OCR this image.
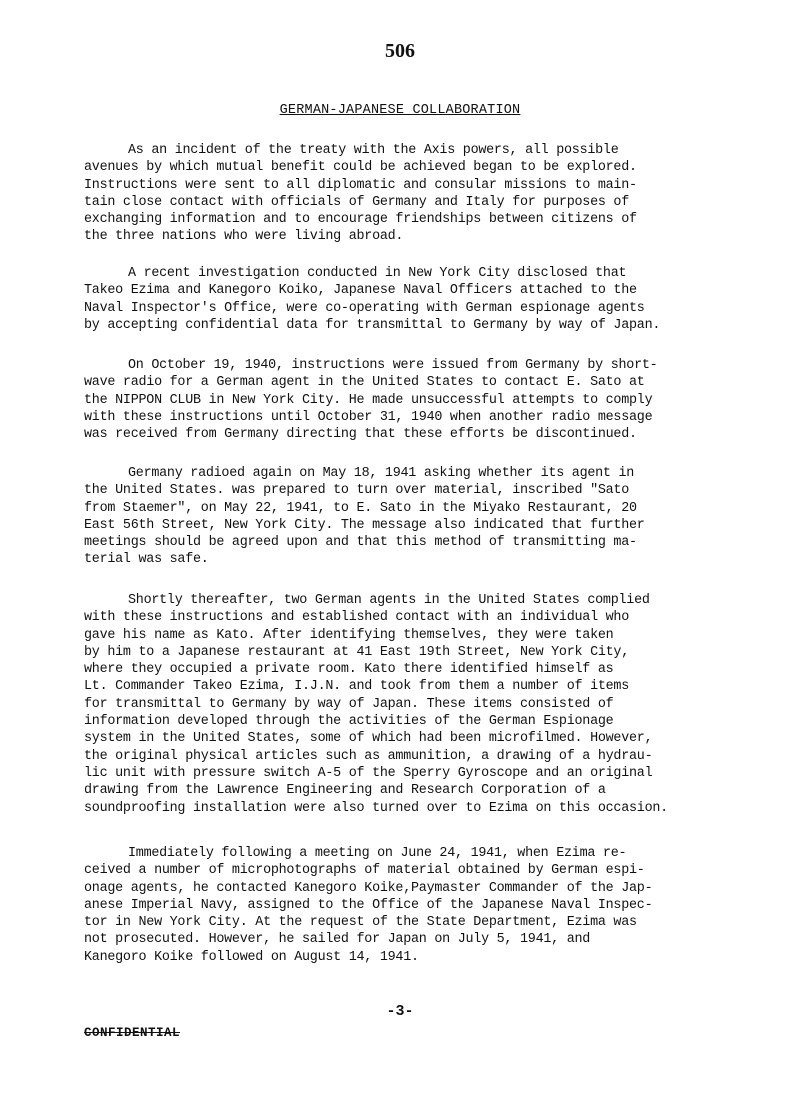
506
GERMAN-JAPANESE COLLABORATION
As an incident of the treaty with the Axis powers, all possible
avenues by which mutual benefit could be achieved began to be explored.
Instructions were sent to all diplomatic and consular missions to main-
tain close contact with officials of Germany and Italy for purposes of
exchanging information and to encourage friendships between citizens of
the three nations who were living abroad.
A recent investigation conducted in New York City disclosed that
Takeo Ezima and Kanegoro Koiko, Japanese Naval Officers attached to the
Naval Inspector's Office, were co-operating with German espionage agents
by accepting confidential data for transmittal to Germany by way of Japan.
On October 19, 1940, instructions were issued from Germany by short-
wave radio for a German agent in the United States to contact E. Sato at
the NIPPON CLUB in New York City. He made unsuccessful attempts to comply
with these instructions until October 31, 1940 when another radio message
was received from Germany directing that these efforts be discontinued.
Germany radioed again on May 18, 1941 asking whether its agent in
the United States. was prepared to turn over material, inscribed "Sato
from Staemer", on May 22, 1941, to E. Sato in the Miyako Restaurant, 20
East 56th Street, New York City. The message also indicated that further
meetings should be agreed upon and that this method of transmitting ma-
terial was safe.
Shortly thereafter, two German agents in the United States complied
with these instructions and established contact with an individual who
gave his name as Kato. After identifying themselves, they were taken
by him to a Japanese restaurant at 41 East 19th Street, New York City,
where they occupied a private room. Kato there identified himself as
Lt. Commander Takeo Ezima, I.J.N. and took from them a number of items
for transmittal to Germany by way of Japan. These items consisted of
information developed through the activities of the German Espionage
system in the United States, some of which had been microfilmed. However,
the original physical articles such as ammunition, a drawing of a hydrau-
lic unit with pressure switch A-5 of the Sperry Gyroscope and an original
drawing from the Lawrence Engineering and Research Corporation of a
soundproofing installation were also turned over to Ezima on this occasion.
Immediately following a meeting on June 24, 1941, when Ezima re-
ceived a number of microphotographs of material obtained by German espi-
onage agents, he contacted Kanegoro Koike,Paymaster Commander of the Jap-
anese Imperial Navy, assigned to the Office of the Japanese Naval Inspec-
tor in New York City. At the request of the State Department, Ezima was
not prosecuted. However, he sailed for Japan on July 5, 1941, and
Kanegoro Koike followed on August 14, 1941.
-3-
CONFIDENTIAL
